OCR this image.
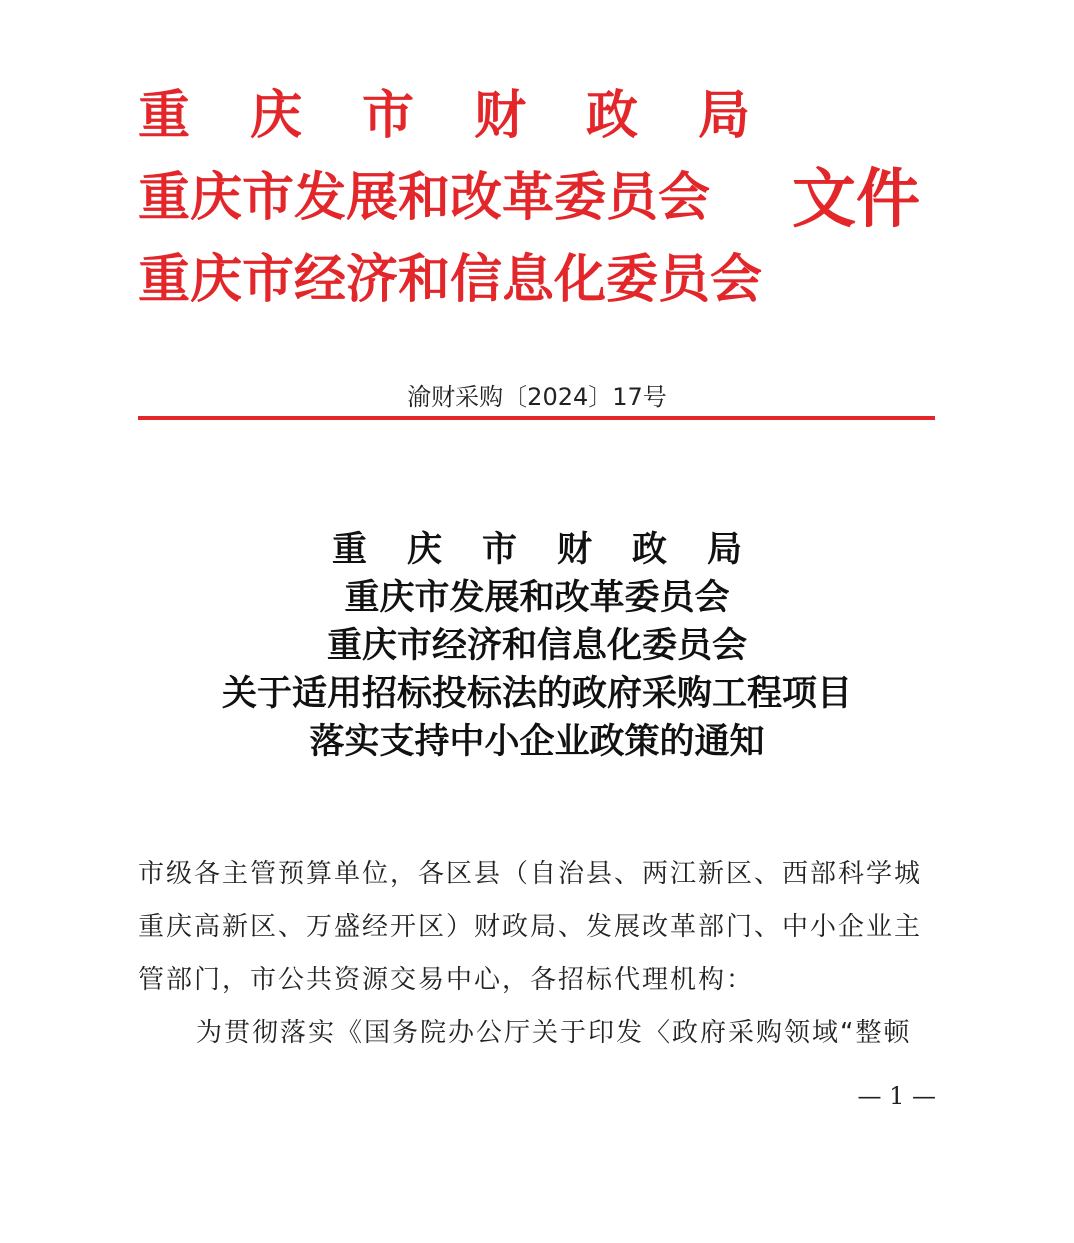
重庆市财政局
重庆市发展和改革委员会
重庆市经济和信息化委员会
文件
渝财采购〔2024〕17号
重庆市财政局
重庆市发展和改革委员会
重庆市经济和信息化委员会
关于适用招标投标法的政府采购工程项目
落实支持中小企业政策的通知

市级各主管预算单位，各区县（自治县、两江新区、西部科学城重庆高新区、万盛经开区）财政局、发展改革部门、中小企业主管部门，市公共资源交易中心，各招标代理机构：

为贯彻落实《国务院办公厅关于印发〈政府采购领域“整顿

— 1 —
